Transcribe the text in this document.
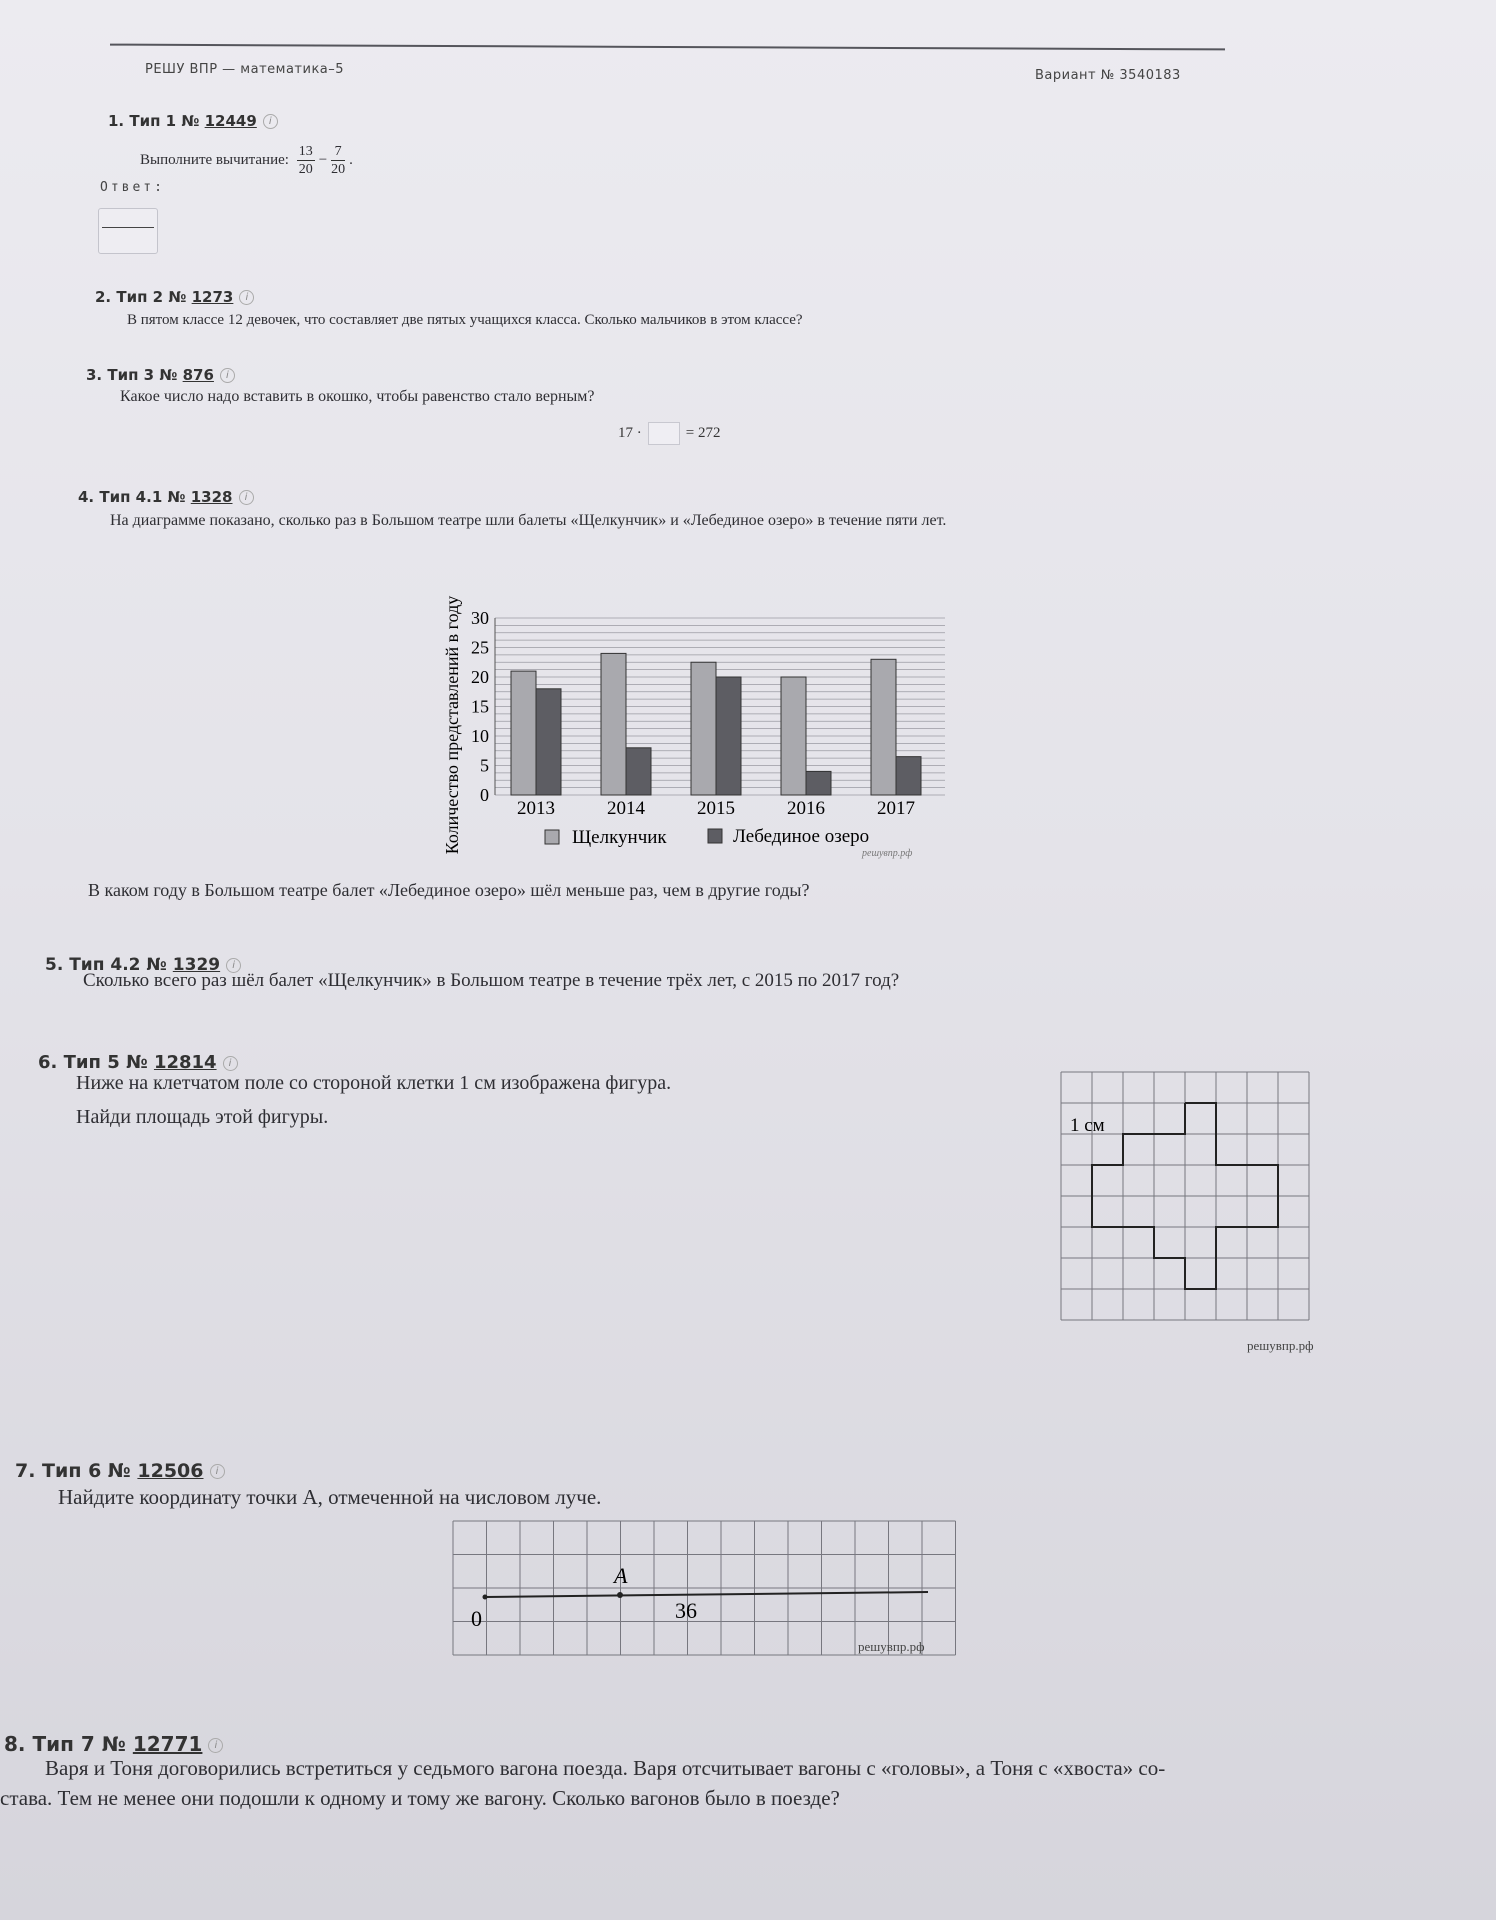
РЕШУ ВПР — математика–5	Вариант № 3540183
1. Тип 1 № 12449 i
Выполните вычитание: $\frac{13}{20} - \frac{7}{20}$ .
Ответ:
2. Тип 2 № 1273 i
В пятом классе 12 девочек, что составляет две пятых учащихся класса. Сколько мальчиков в этом классе?
3. Тип 3 № 876 i
Какое число надо вставить в окошко, чтобы равенство стало верным?
17 ·	= 272
4. Тип 4.1 № 1328 i
На диаграмме показано, сколько раз в Большом театре шли балеты «Щелкунчик» и «Лебединое озеро» в течение пяти лет.
Количество представлений в году 0
5
10
15
20
25
30
2013	2014	2015	2016	2017
Щелкунчик	Лебединое озеро
решувпр.рф
В каком году в Большом театре балет «Лебединое озеро» шёл меньше раз, чем в другие годы?
5. Тип 4.2 № 1329 i
Сколько всего раз шёл балет «Щелкунчик» в Большом театре в течение трёх лет, с 2015 по 2017 год?
6. Тип 5 № 12814 i
Ниже на клетчатом поле со стороной клетки 1 см изображена фигура.
Найди площадь этой фигуры.	1 см
решувпр.рф
7. Тип 6 № 12506 i
Найдите координату точки A, отмеченной на числовом луче.
A
0	36
решувпр.рф
8. Тип 7 № 12771 i
Варя и Тоня договорились встретиться у седьмого вагона поезда. Варя отсчитывает вагоны с «головы», а Тоня с «хвоста» со-
става. Тем не менее они подошли к одному и тому же вагону. Сколько вагонов было в поезде?
